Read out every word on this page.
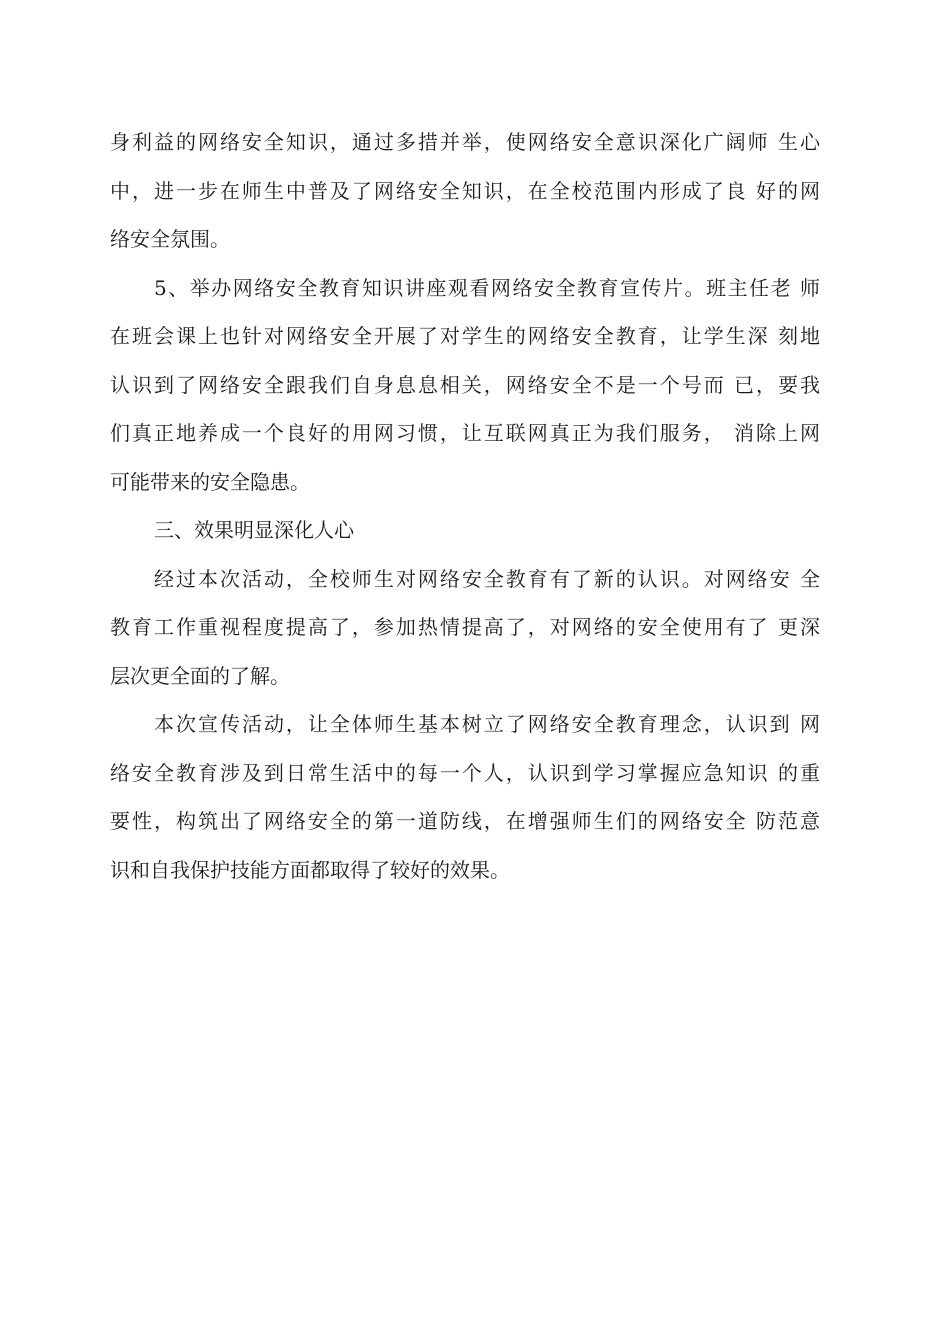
身利益的网络安全知识，通过多措并举，使网络安全意识深化广阔师 生心
中，进一步在师生中普及了网络安全知识，在全校范围内形成了良 好的网
络安全氛围。
5、举办网络安全教育知识讲座观看网络安全教育宣传片。班主任老 师
在班会课上也针对网络安全开展了对学生的网络安全教育，让学生深 刻地
认识到了网络安全跟我们自身息息相关，网络安全不是一个号而 已，要我
们真正地养成一个良好的用网习惯，让互联网真正为我们服务， 消除上网
可能带来的安全隐患。
三、效果明显深化人心
经过本次活动，全校师生对网络安全教育有了新的认识。对网络安 全
教育工作重视程度提高了，参加热情提高了，对网络的安全使用有了 更深
层次更全面的了解。
本次宣传活动，让全体师生基本树立了网络安全教育理念，认识到 网
络安全教育涉及到日常生活中的每一个人，认识到学习掌握应急知识 的重
要性，构筑出了网络安全的第一道防线，在增强师生们的网络安全 防范意
识和自我保护技能方面都取得了较好的效果。
